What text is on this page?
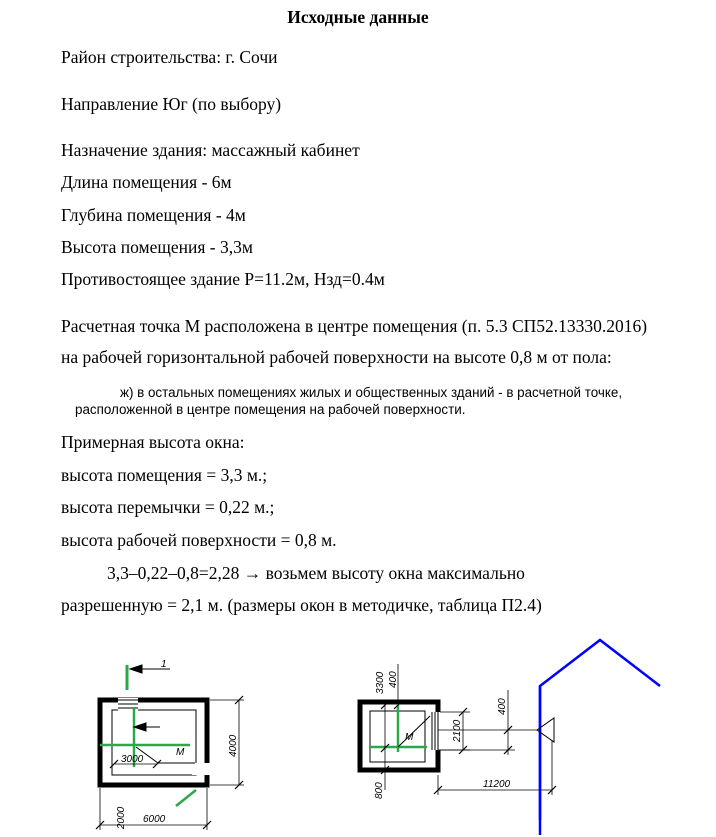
Исходные данные
Район строительства: г. Сочи
Направление Юг (по выбору)
Назначение здания: массажный кабинет
Длина помещения - 6м
Глубина помещения - 4м
Высота помещения - 3,3м
Противостоящее здание P=11.2м, Нзд=0.4м
Расчетная точка М расположена в центре помещения (п. 5.3 СП52.13330.2016)
на рабочей горизонтальной рабочей поверхности на высоте 0,8 м от пола:
ж) в остальных помещениях жилых и общественных зданий - в расчетной точке,
расположенной в центре помещения на рабочей поверхности.
Примерная высота окна:
высота помещения = 3,3 м.;
высота перемычки = 0,22 м.;
высота рабочей поверхности = 0,8 м.
3,3–0,22–0,8=2,28 → возьмем высоту окна максимально
разрешенную = 2,1 м. (размеры окон в методичке, таблица П2.4)
1
M
3000
6000
4000
2000
3300 400
2100
800
400
11200
M
